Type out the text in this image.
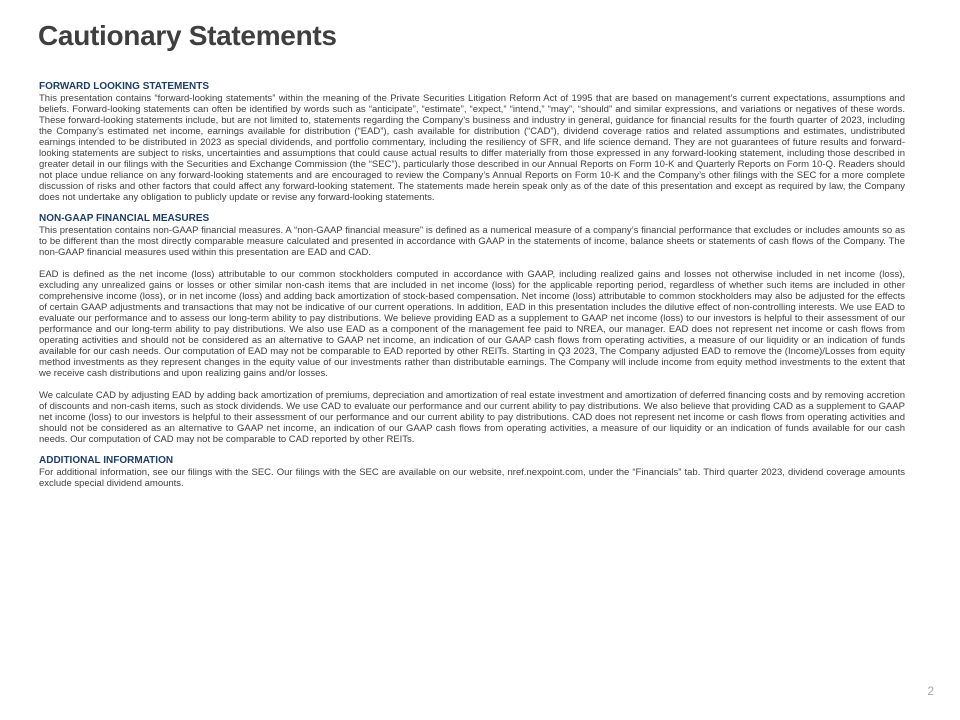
Cautionary Statements

FORWARD LOOKING STATEMENTS

This presentation contains “forward-looking statements” within the meaning of the Private Securities Litigation Reform Act of 1995 that are based on management’s current expectations, assumptions and beliefs. Forward-looking statements can often be identified by words such as “anticipate”, “estimate”, “expect,” “intend,” “may”, “should” and similar expressions, and variations or negatives of these words. These forward-looking statements include, but are not limited to, statements regarding the Company’s business and industry in general, guidance for financial results for the fourth quarter of 2023, including the Company’s estimated net income, earnings available for distribution (“EAD”), cash available for distribution (“CAD”), dividend coverage ratios and related assumptions and estimates, undistributed earnings intended to be distributed in 2023 as special dividends, and portfolio commentary, including the resiliency of SFR, and life science demand. They are not guarantees of future results and forward-looking statements are subject to risks, uncertainties and assumptions that could cause actual results to differ materially from those expressed in any forward-looking statement, including those described in greater detail in our filings with the Securities and Exchange Commission (the “SEC”), particularly those described in our Annual Reports on Form 10-K and Quarterly Reports on Form 10-Q. Readers should not place undue reliance on any forward-looking statements and are encouraged to review the Company’s Annual Reports on Form 10-K and the Company’s other filings with the SEC for a more complete discussion of risks and other factors that could affect any forward-looking statement. The statements made herein speak only as of the date of this presentation and except as required by law, the Company does not undertake any obligation to publicly update or revise any forward-looking statements.

NON-GAAP FINANCIAL MEASURES

This presentation contains non-GAAP financial measures. A “non-GAAP financial measure” is defined as a numerical measure of a company’s financial performance that excludes or includes amounts so as to be different than the most directly comparable measure calculated and presented in accordance with GAAP in the statements of income, balance sheets or statements of cash flows of the Company. The non-GAAP financial measures used within this presentation are EAD and CAD.

EAD is defined as the net income (loss) attributable to our common stockholders computed in accordance with GAAP, including realized gains and losses not otherwise included in net income (loss), excluding any unrealized gains or losses or other similar non-cash items that are included in net income (loss) for the applicable reporting period, regardless of whether such items are included in other comprehensive income (loss), or in net income (loss) and adding back amortization of stock-based compensation. Net income (loss) attributable to common stockholders may also be adjusted for the effects of certain GAAP adjustments and transactions that may not be indicative of our current operations. In addition, EAD in this presentation includes the dilutive effect of non-controlling interests. We use EAD to evaluate our performance and to assess our long-term ability to pay distributions. We believe providing EAD as a supplement to GAAP net income (loss) to our investors is helpful to their assessment of our performance and our long-term ability to pay distributions. We also use EAD as a component of the management fee paid to NREA, our manager. EAD does not represent net income or cash flows from operating activities and should not be considered as an alternative to GAAP net income, an indication of our GAAP cash flows from operating activities, a measure of our liquidity or an indication of funds available for our cash needs. Our computation of EAD may not be comparable to EAD reported by other REITs. Starting in Q3 2023, The Company adjusted EAD to remove the (Income)/Losses from equity method investments as they represent changes in the equity value of our investments rather than distributable earnings. The Company will include income from equity method investments to the extent that we receive cash distributions and upon realizing gains and/or losses.

We calculate CAD by adjusting EAD by adding back amortization of premiums, depreciation and amortization of real estate investment and amortization of deferred financing costs and by removing accretion of discounts and non-cash items, such as stock dividends. We use CAD to evaluate our performance and our current ability to pay distributions. We also believe that providing CAD as a supplement to GAAP net income (loss) to our investors is helpful to their assessment of our performance and our current ability to pay distributions. CAD does not represent net income or cash flows from operating activities and should not be considered as an alternative to GAAP net income, an indication of our GAAP cash flows from operating activities, a measure of our liquidity or an indication of funds available for our cash needs. Our computation of CAD may not be comparable to CAD reported by other REITs.

ADDITIONAL INFORMATION

For additional information, see our filings with the SEC. Our filings with the SEC are available on our website, nref.nexpoint.com, under the “Financials” tab. Third quarter 2023, dividend coverage amounts exclude special dividend amounts.

2
